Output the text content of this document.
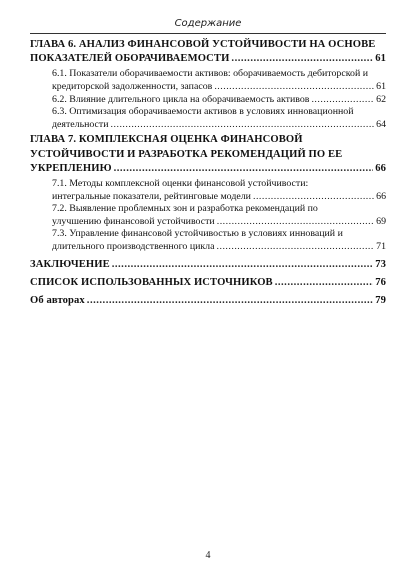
Содержание
ГЛАВА 6. АНАЛИЗ ФИНАНСОВОЙ УСТОЙЧИВОСТИ НА ОСНОВЕ
ПОКАЗАТЕЛЕЙ ОБОРАЧИВАЕМОСТИ .....	61
6.1. Показатели оборачиваемости активов: оборачиваемость дебиторской и
кредиторской задолженности, запасов .....	61
6.2. Влияние длительного цикла на оборачиваемость активов .....	62
6.3. Оптимизация оборачиваемости активов в условиях инновационной
деятельности .....	64
ГЛАВА 7. КОМПЛЕКСНАЯ ОЦЕНКА ФИНАНСОВОЙ
УСТОЙЧИВОСТИ И РАЗРАБОТКА РЕКОМЕНДАЦИЙ ПО ЕЕ
УКРЕПЛЕНИЮ .....	66
7.1. Методы комплексной оценки финансовой устойчивости:
интегральные показатели, рейтинговые модели .....	66
7.2. Выявление проблемных зон и разработка рекомендаций по
улучшению финансовой устойчивости .....	69
7.3. Управление финансовой устойчивостью в условиях инноваций и
длительного производственного цикла .....	71
ЗАКЛЮЧЕНИЕ .....	73
СПИСОК ИСПОЛЬЗОВАННЫХ ИСТОЧНИКОВ .....	76
Об авторах .....	79
4
